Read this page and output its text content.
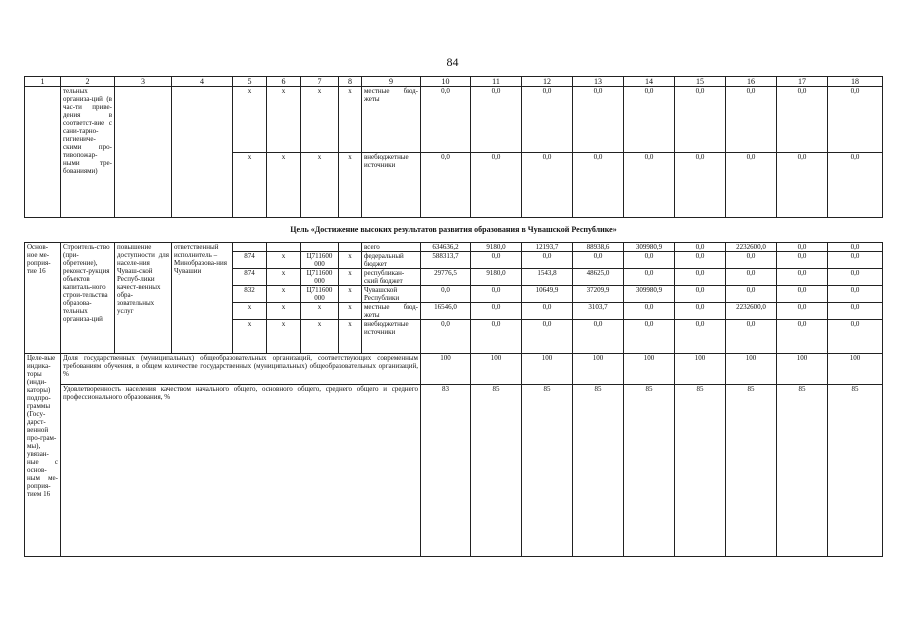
84
1	2	3	4	5	6	7	8	9	10	11	12	13	14	15	16	17	18
	тельных организа-ций (в час-ти приве-дения в соответст-вие с сани-тарно-гигиениче-скими про-тивопожар-ными тре-бованиями)			x	x	x	x	местные бюд-жеты	0,0	0,0	0,0	0,0	0,0	0,0	0,0	0,0	0,0
				x	x	x	x	внебюджетные источники	0,0	0,0	0,0	0,0	0,0	0,0	0,0	0,0	0,0
Цель «Достижение высоких результатов развития образования в Чувашской Республике»																	
Основ-ное ме-роприя-тие 16	Строитель-ство (при-обретение), реконст-рукция объектов капиталь-ного строи-тельства образова-тельных организа-ций	повышение доступности для населе-ния Чуваш-ской Респуб-лики качест-венных обра-зовательных услуг	ответственный исполнитель – Минобразова-ния Чувашии					всего	634636,2	9180,0	12193,7	88938,6	309980,9	0,0	2232600,0	0,0	0,0
				874	x	Ц711600 000	x	федеральный бюджет	588313,7	0,0	0,0	0,0	0,0	0,0	0,0	0,0	0,0
				874	x	Ц711600 000	x	республикан-ский бюджет	29776,5	9180,0	1543,8	48625,0	0,0	0,0	0,0	0,0	0,0
				832	x	Ц711600 000	x	Чувашской Республики	0,0	0,0	10649,9	37209,9	309980,9	0,0	0,0	0,0	0,0
				x	x	x	x	местные бюд-жеты	16546,0	0,0	0,0	3103,7	0,0	0,0	2232600,0	0,0	0,0
				x	x	x	x	внебюджетные источники	0,0	0,0	0,0	0,0	0,0	0,0	0,0	0,0	0,0
Целе-вые индика-торы (инди-каторы) подпро-граммы (Госу-дарст-венной про-грам-мы), увязан-ные с основ-ным ме-роприя-тием 16	Доля государственных (муниципальных) общеобразовательных организаций, соответствующих современным требованиям обучения, в общем количестве государственных (муниципальных) общеобразовательных организаций, %								100	100	100	100	100	100	100	100	100
	Удовлетворенность населения качеством начального общего, основного общего, среднего общего и среднего профессионального образования, %								83	85	85	85	85	85	85	85	85
